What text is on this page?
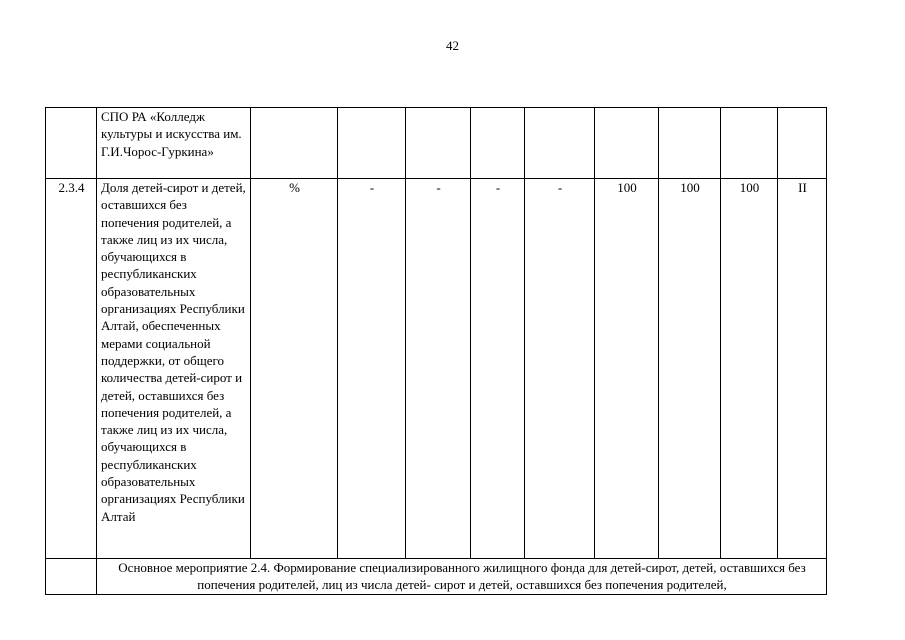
42
	СПО РА «Колледж культуры и искусства им. Г.И.Чорос-Гуркина»									
2.3.4	Доля детей-сирот и детей, оставшихся без попечения родителей, а также лиц из их числа, обучающихся в республиканских образовательных организациях Республики Алтай, обеспеченных мерами социальной поддержки, от общего количества детей-сирот и детей, оставшихся без попечения родителей, а также лиц из их числа, обучающихся в республиканских образовательных организациях Республики Алтай	%	-	-	-	-	100	100	100	II
	Основное мероприятие 2.4. Формирование специализированного жилищного фонда для детей-сирот, детей, оставшихся без попечения родителей, лиц из числа детей- сирот и детей, оставшихся без попечения родителей,									
